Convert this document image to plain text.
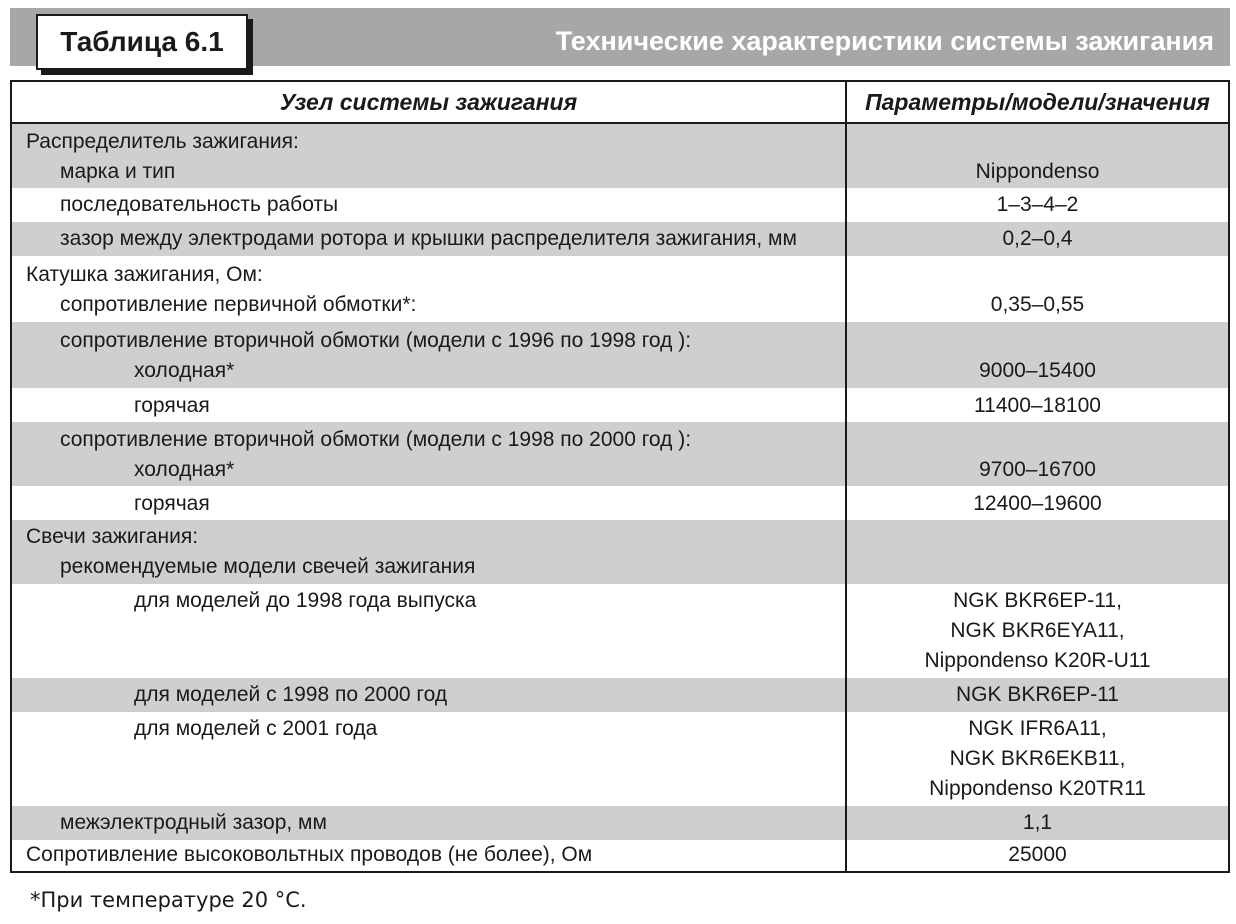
Технические характеристики системы зажигания
Таблица 6.1
Узел системы зажигания	Параметры/модели/значения
Распределитель зажигания:
марка и тип
	Nippondenso
последовательность работы	1–3–4–2
зазор между электродами ротора и крышки распределителя зажигания, мм	0,2–0,4
Катушка зажигания, Ом:
сопротивление первичной обмотки*:
	0,35–0,55
сопротивление вторичной обмотки (модели с 1996 по 1998 год ):
холодная*
	9000–15400
горячая	11400–18100
сопротивление вторичной обмотки (модели с 1998 по 2000 год ):
холодная*
	9700–16700
горячая	12400–19600
Свечи зажигания:
рекомендуемые модели свечей зажигания
для моделей до 1998 года выпуска	NGK BKR6EP-11,
NGK BKR6EYA11,
Nippondenso K20R-U11
для моделей с 1998 по 2000 год	NGK BKR6EP-11
для моделей с 2001 года	NGK IFR6A11,
NGK BKR6EKB11,
Nippondenso K20TR11
межэлектродный зазор, мм	1,1
Сопротивление высоковольтных проводов (не более), Ом	25000
*При температуре 20 °С.
